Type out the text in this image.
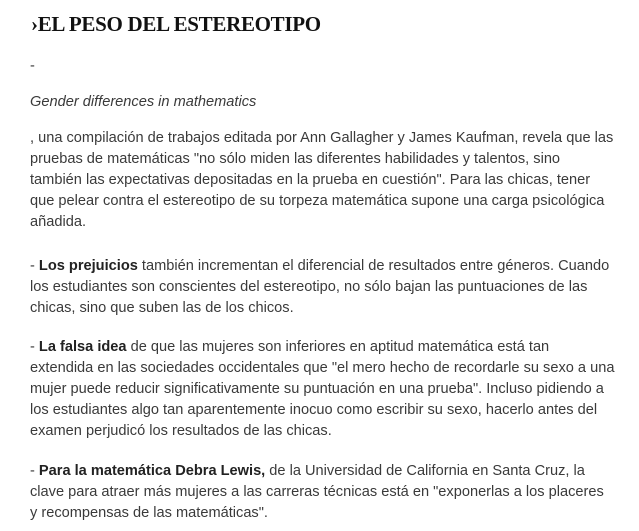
›EL PESO DEL ESTEREOTIPO
-
Gender differences in mathematics

, una compilación de trabajos editada por Ann Gallagher y James Kaufman, revela que las pruebas de matemáticas "no sólo miden las diferentes habilidades y talentos, sino también las expectativas depositadas en la prueba en cuestión". Para las chicas, tener que pelear contra el estereotipo de su torpeza matemática supone una carga psicológica añadida.

- Los prejuicios también incrementan el diferencial de resultados entre géneros. Cuando los estudiantes son conscientes del estereotipo, no sólo bajan las puntuaciones de las chicas, sino que suben las de los chicos.

- La falsa idea de que las mujeres son inferiores en aptitud matemática está tan extendida en las sociedades occidentales que "el mero hecho de recordarle su sexo a una mujer puede reducir significativamente su puntuación en una prueba". Incluso pidiendo a los estudiantes algo tan aparentemente inocuo como escribir su sexo, hacerlo antes del examen perjudicó los resultados de las chicas.

- Para la matemática Debra Lewis, de la Universidad de California en Santa Cruz, la clave para atraer más mujeres a las carreras técnicas está en "exponerlas a los placeres y recompensas de las matemáticas".
